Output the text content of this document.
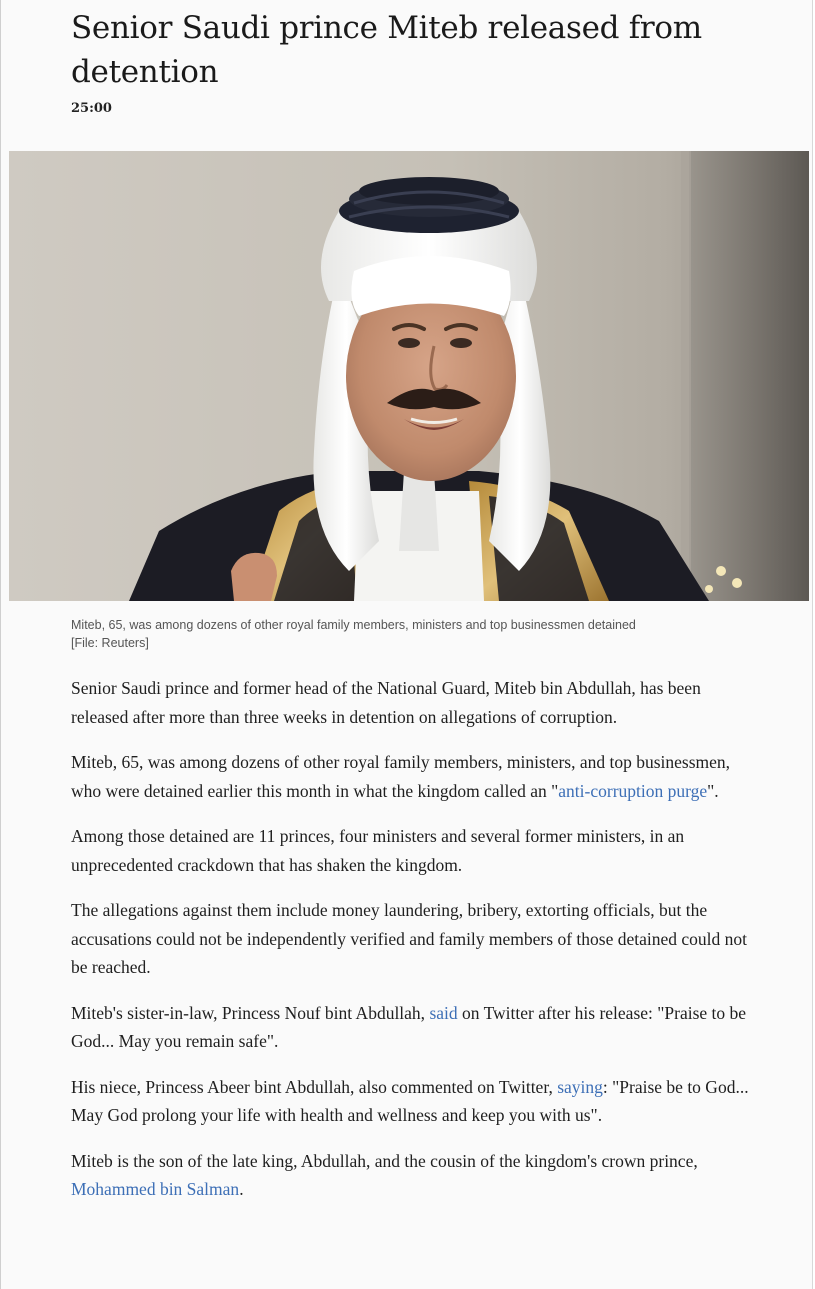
Senior Saudi prince Miteb released from detention
25:00
Miteb, 65, was among dozens of other royal family members, ministers and top businessmen detained
[File: Reuters]

Senior Saudi prince and former head of the National Guard, Miteb bin Abdullah, has been released after more than three weeks in detention on allegations of corruption.

Miteb, 65, was among dozens of other royal family members, ministers, and top businessmen, who were detained earlier this month in what the kingdom called an "anti-corruption purge".

Among those detained are 11 princes, four ministers and several former ministers, in an unprecedented crackdown that has shaken the kingdom.

The allegations against them include money laundering, bribery, extorting officials, but the accusations could not be independently verified and family members of those detained could not be reached.

Miteb's sister-in-law, Princess Nouf bint Abdullah, said on Twitter after his release: "Praise to be God... May you remain safe".

His niece, Princess Abeer bint Abdullah, also commented on Twitter, saying: "Praise be to God... May God prolong your life with health and wellness and keep you with us".

Miteb is the son of the late king, Abdullah, and the cousin of the kingdom's crown prince, Mohammed bin Salman.
